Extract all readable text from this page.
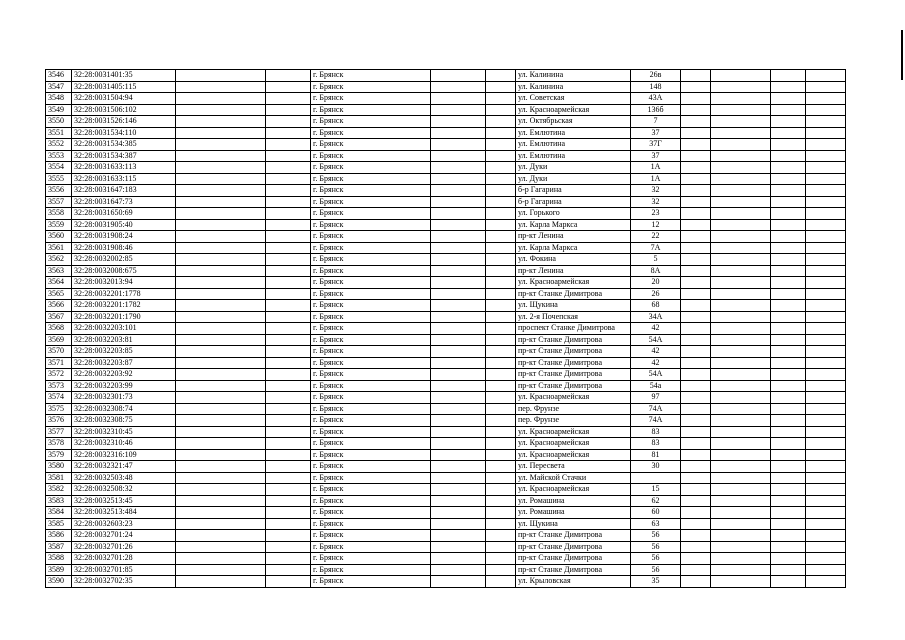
3546	32:28:0031401:35			г. Брянск			ул. Калинина	26в				
3547	32:28:0031405:115			г. Брянск			ул. Калинина	148				
3548	32:28:0031504:94			г. Брянск			ул. Советская	43А				
3549	32:28:0031506:102			г. Брянск			ул. Красноармейская	136б				
3550	32:28:0031526:146			г. Брянск			ул. Октябрьская	7				
3551	32:28:0031534:110			г. Брянск			ул. Емлютина	37				
3552	32:28:0031534:385			г. Брянск			ул. Емлютина	37Г				
3553	32:28:0031534:387			г. Брянск			ул. Емлютина	37				
3554	32:28:0031633:113			г. Брянск			ул. Дуки	1А				
3555	32:28:0031633:115			г. Брянск			ул. Дуки	1А				
3556	32:28:0031647:183			г. Брянск			б-р Гагарина	32				
3557	32:28:0031647:73			г. Брянск			б-р Гагарина	32				
3558	32:28:0031650:69			г. Брянск			ул. Горького	23				
3559	32:28:0031905:40			г. Брянск			ул. Карла Маркса	12				
3560	32:28:0031908:24			г. Брянск			пр-кт Ленина	22				
3561	32:28:0031908:46			г. Брянск			ул. Карла Маркса	7А				
3562	32:28:0032002:85			г. Брянск			ул. Фокина	5				
3563	32:28:0032008:675			г. Брянск			пр-кт Ленина	8А				
3564	32:28:0032013:94			г. Брянск			ул. Красноармейская	20				
3565	32:28:0032201:1778			г. Брянск			пр-кт Станке Димитрова	26				
3566	32:28:0032201:1782			г. Брянск			ул. Щукина	68				
3567	32:28:0032201:1790			г. Брянск			ул. 2-я Почепская	34А				
3568	32:28:0032203:101			г. Брянск			проспект Станке Димитрова	42				
3569	32:28:0032203:81			г. Брянск			пр-кт Станке Димитрова	54А				
3570	32:28:0032203:85			г. Брянск			пр-кт Станке Димитрова	42				
3571	32:28:0032203:87			г. Брянск			пр-кт Станке Димитрова	42				
3572	32:28:0032203:92			г. Брянск			пр-кт Станке Димитрова	54А				
3573	32:28:0032203:99			г. Брянск			пр-кт Станке Димитрова	54а				
3574	32:28:0032301:73			г. Брянск			ул. Красноармейская	97				
3575	32:28:0032308:74			г. Брянск			пер. Фрунзе	74А				
3576	32:28:0032308:75			г. Брянск			пер. Фрунзе	74А				
3577	32:28:0032310:45			г. Брянск			ул. Красноармейская	83				
3578	32:28:0032310:46			г. Брянск			ул. Красноармейская	83				
3579	32:28:0032316:109			г. Брянск			ул. Красноармейская	81				
3580	32:28:0032321:47			г. Брянск			ул. Пересвета	30				
3581	32:28:0032503:48			г. Брянск			ул. Майской Стачки					
3582	32:28:0032508:32			г. Брянск			ул. Красноармейская	15				
3583	32:28:0032513:45			г. Брянск			ул. Ромашина	62				
3584	32:28:0032513:484			г. Брянск			ул. Ромашина	60				
3585	32:28:0032603:23			г. Брянск			ул. Щукина	63				
3586	32:28:0032701:24			г. Брянск			пр-кт Станке Димитрова	56				
3587	32:28:0032701:26			г. Брянск			пр-кт Станке Димитрова	56				
3588	32:28:0032701:28			г. Брянск			пр-кт Станке Димитрова	56				
3589	32:28:0032701:85			г. Брянск			пр-кт Станке Димитрова	56				
3590	32:28:0032702:35			г. Брянск			ул. Крыловская	35				
